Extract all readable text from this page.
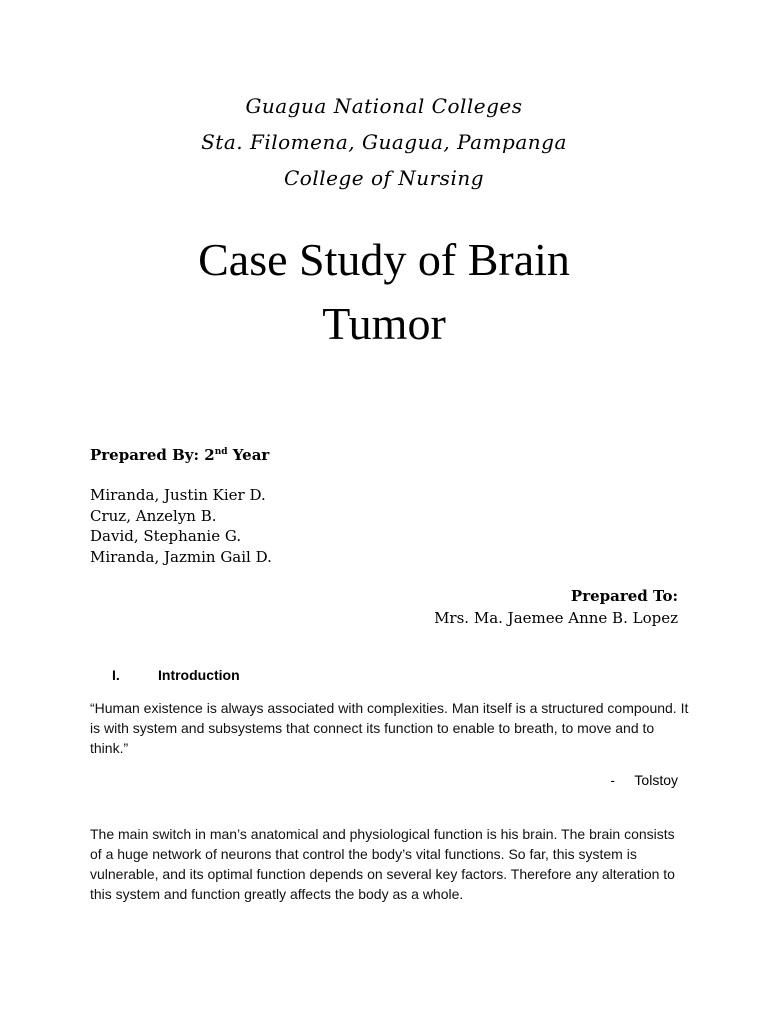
Guagua National Colleges
Sta. Filomena, Guagua, Pampanga
College of Nursing
Case Study of Brain
Tumor
Prepared By: 2nd Year
Miranda, Justin Kier D.
Cruz, Anzelyn B.
David, Stephanie G.
Miranda, Jazmin Gail D.
Prepared To:
Mrs. Ma. Jaemee Anne B. Lopez
I.	Introduction

“Human existence is always associated with complexities. Man itself is a structured compound. It is with system and subsystems that connect its function to enable to breath, to move and to think.”

- Tolstoy

The main switch in man’s anatomical and physiological function is his brain. The brain consists of a huge network of neurons that control the body’s vital functions. So far, this system is vulnerable, and its optimal function depends on several key factors. Therefore any alteration to this system and function greatly affects the body as a whole.
